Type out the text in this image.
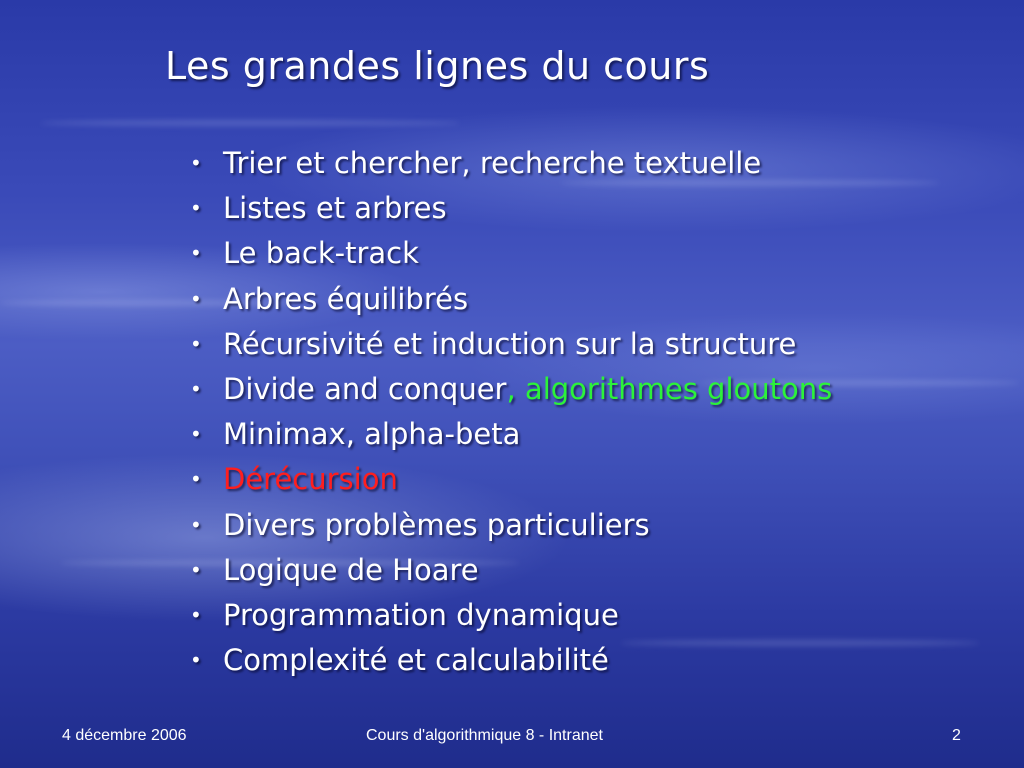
Les grandes lignes du cours
• Trier et chercher, recherche textuelle
• Listes et arbres
• Le back-track
• Arbres équilibrés
• Récursivité et induction sur la structure
• Divide and conquer, algorithmes gloutons
• Minimax, alpha-beta
• Dérécursion
• Divers problèmes particuliers
• Logique de Hoare
• Programmation dynamique
• Complexité et calculabilité
4 décembre 2006	Cours d'algorithmique 8 - Intranet	2
